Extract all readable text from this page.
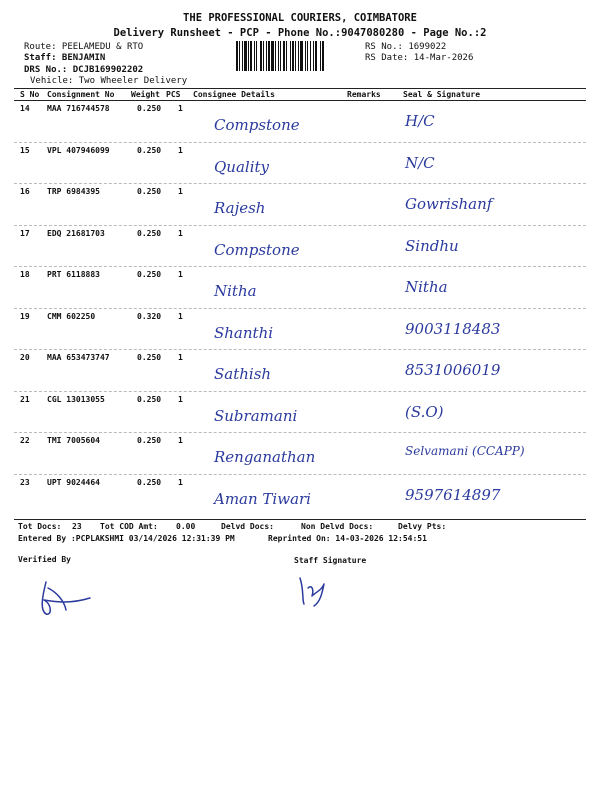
THE PROFESSIONAL COURIERS, COIMBATORE
Delivery Runsheet - PCP - Phone No.:9047080280 - Page No.:2
Route: PEELAMEDU & RTO
Staff: BENJAMIN
DRS No.: DCJB169902202
Vehicle: Two Wheeler Delivery
RS No.: 1699022
RS Date: 14-Mar-2026
S No Consignment No Weight PCS Consignee Details	Remarks	Seal & Signature
14 MAA 716744578	0.250 1
Compstone	H/C
15 VPL 407946099	0.250 1
Quality	N/C
16 TRP 6984395	0.250 1
Rajesh	Gowrishanf
17 EDQ 21681703	0.250 1
Compstone	Sindhu
18 PRT 6118883	0.250 1
Nitha	Nitha
19 CMM 602250	0.320 1
Shanthi	9003118483
20 MAA 653473747	0.250 1
Sathish	8531006019
21 CGL 13013055	0.250 1
Subramani	(S.O)
22 TMI 7005604	0.250 1
Renganathan	Selvamani (CCAPP)
23 UPT 9024464	0.250 1
Aman Tiwari	9597614897
Tot Docs: 23 Tot COD Amt: 0.00	Delvd Docs:	Non Delvd Docs:	Delvy Pts:
Entered By :PCPLAKSHMI 03/14/2026 12:31:39 PM	Reprinted On: 14-03-2026 12:54:51
Verified By	Staff Signature
